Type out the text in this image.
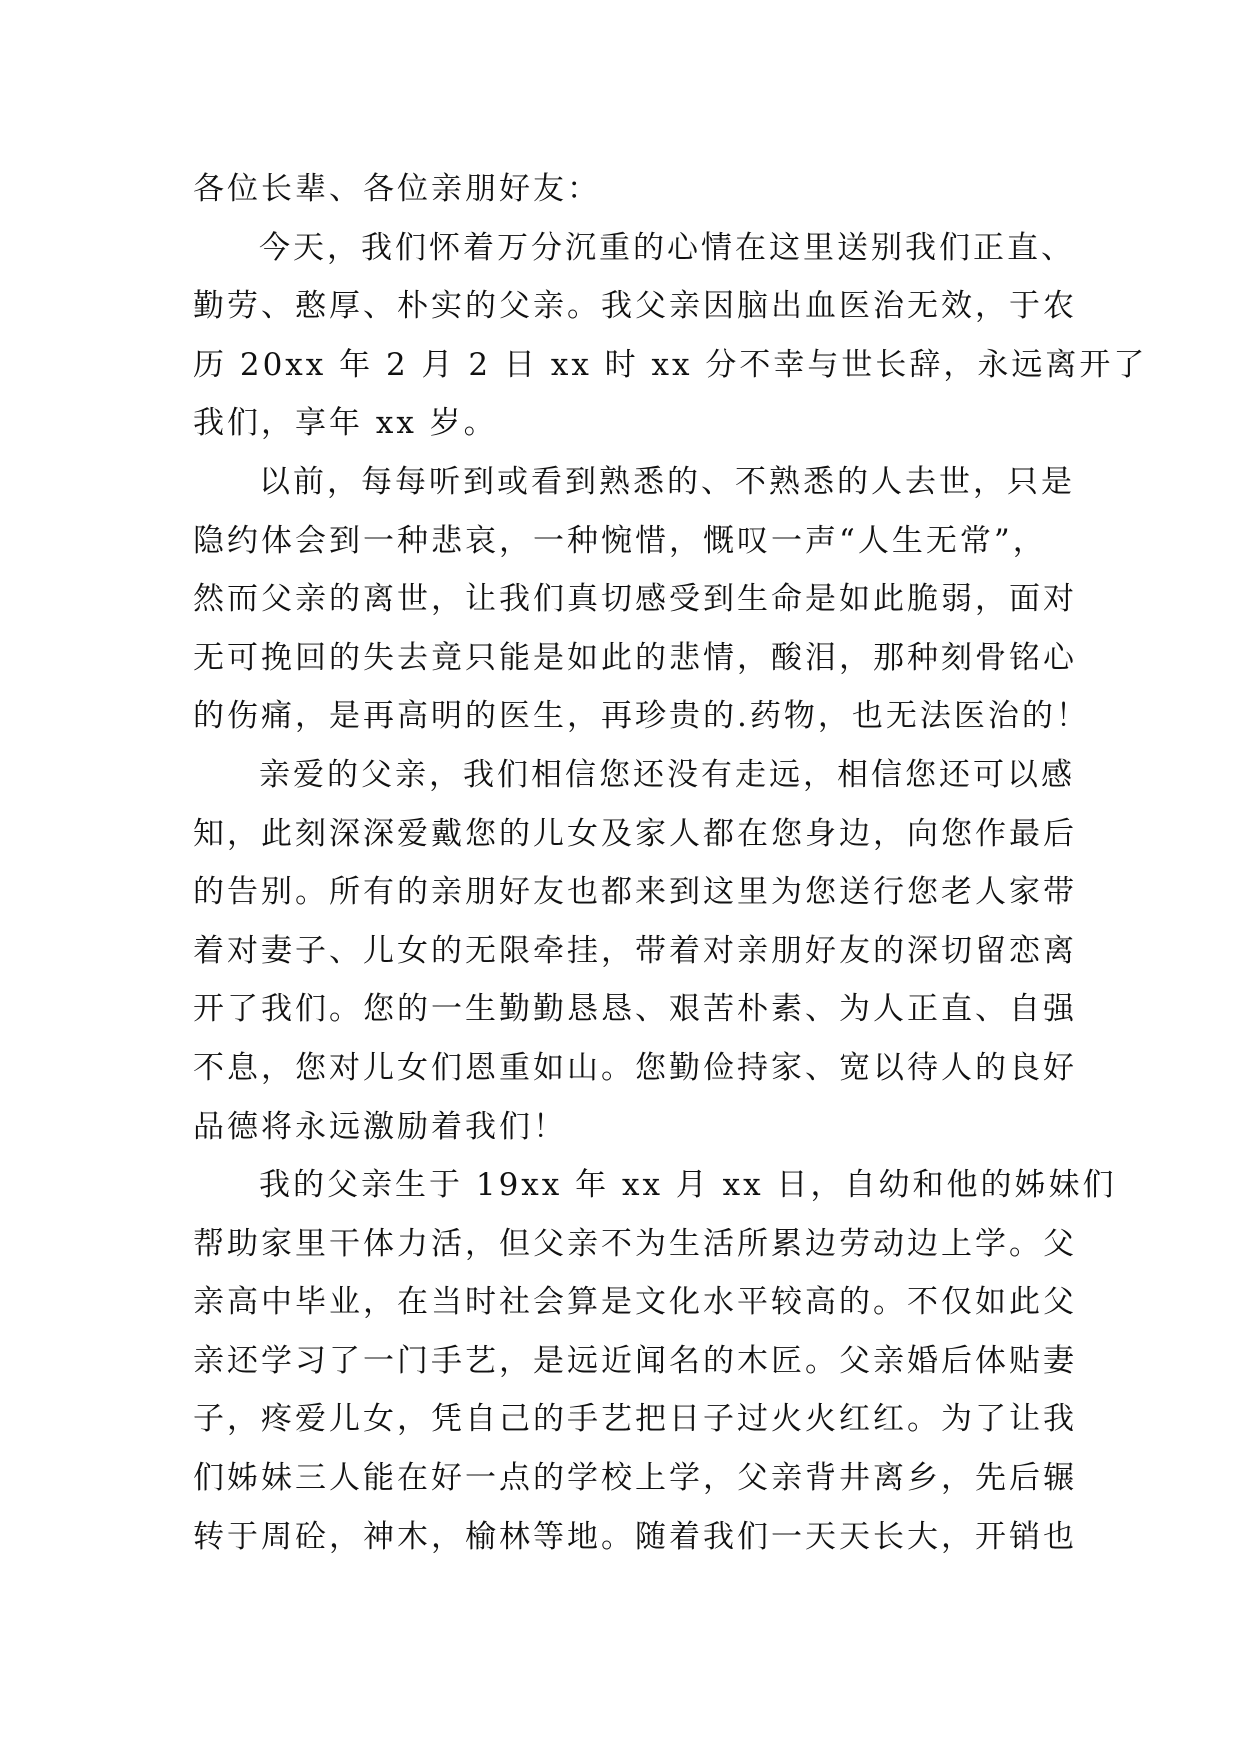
各位长辈、各位亲朋好友：
今天，我们怀着万分沉重的心情在这里送别我们正直、
勤劳、憨厚、朴实的父亲。我父亲因脑出血医治无效，于农
历 20xx 年 2 月 2 日 xx 时 xx 分不幸与世长辞，永远离开了
我们，享年 xx 岁。
以前，每每听到或看到熟悉的、不熟悉的人去世，只是
隐约体会到一种悲哀，一种惋惜，慨叹一声“人生无常”，
然而父亲的离世，让我们真切感受到生命是如此脆弱，面对
无可挽回的失去竟只能是如此的悲情，酸泪，那种刻骨铭心
的伤痛，是再高明的医生，再珍贵的.药物，也无法医治的！
亲爱的父亲，我们相信您还没有走远，相信您还可以感
知，此刻深深爱戴您的儿女及家人都在您身边，向您作最后
的告别。所有的亲朋好友也都来到这里为您送行您老人家带
着对妻子、儿女的无限牵挂，带着对亲朋好友的深切留恋离
开了我们。您的一生勤勤恳恳、艰苦朴素、为人正直、自强
不息，您对儿女们恩重如山。您勤俭持家、宽以待人的良好
品德将永远激励着我们！
我的父亲生于 19xx 年 xx 月 xx 日，自幼和他的姊妹们
帮助家里干体力活，但父亲不为生活所累边劳动边上学。父
亲高中毕业，在当时社会算是文化水平较高的。不仅如此父
亲还学习了一门手艺，是远近闻名的木匠。父亲婚后体贴妻
子，疼爱儿女，凭自己的手艺把日子过火火红红。为了让我
们姊妹三人能在好一点的学校上学，父亲背井离乡，先后辗
转于周砼，神木，榆林等地。随着我们一天天长大，开销也
